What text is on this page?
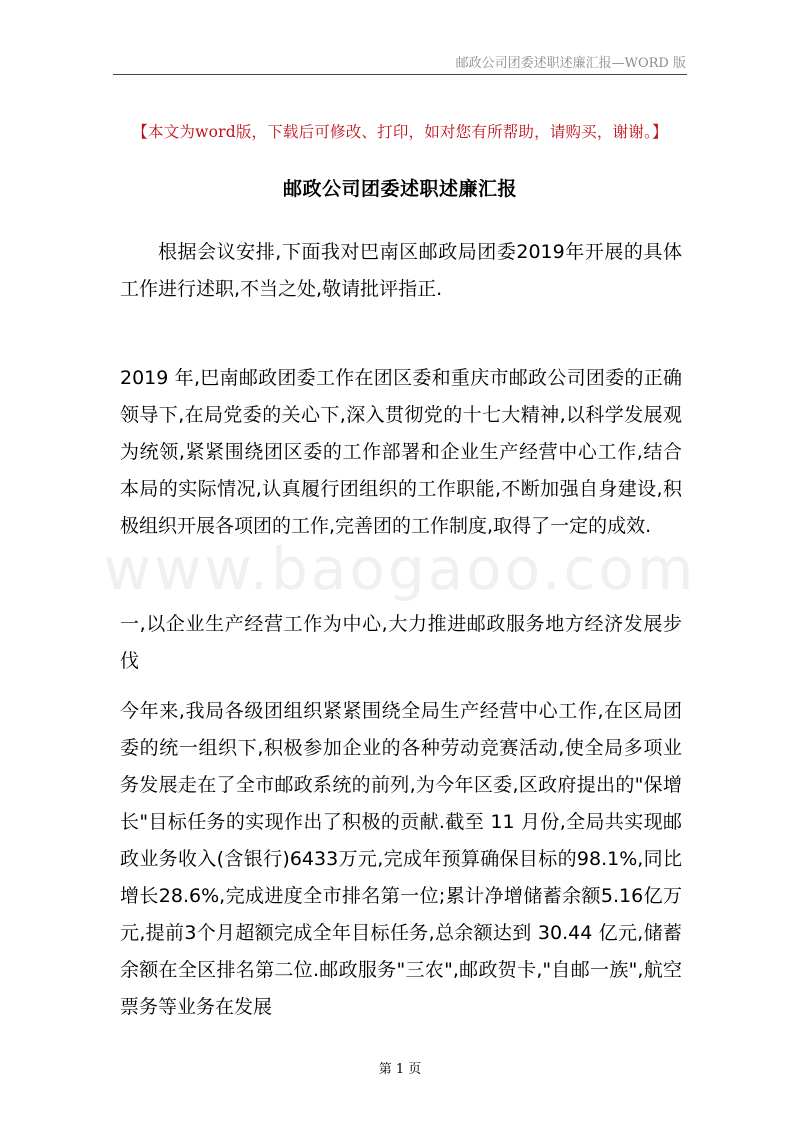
邮政公司团委述职述廉汇报—WORD 版
【本文为word版，下载后可修改、打印，如对您有所帮助，请购买，谢谢。】
邮政公司团委述职述廉汇报

根据会议安排,下面我对巴南区邮政局团委2019年开展的具体工作进行述职,不当之处,敬请批评指正.

2019 年,巴南邮政团委工作在团区委和重庆市邮政公司团委的正确领导下,在局党委的关心下,深入贯彻党的十七大精神,以科学发展观为统领,紧紧围绕团区委的工作部署和企业生产经营中心工作,结合本局的实际情况,认真履行团组织的工作职能,不断加强自身建设,积极组织开展各项团的工作,完善团的工作制度,取得了一定的成效.

一,以企业生产经营工作为中心,大力推进邮政服务地方经济发展步伐

今年来,我局各级团组织紧紧围绕全局生产经营中心工作,在区局团委的统一组织下,积极参加企业的各种劳动竞赛活动,使全局多项业务发展走在了全市邮政系统的前列,为今年区委,区政府提出的"保增长"目标任务的实现作出了积极的贡献.截至 11 月份,全局共实现邮政业务收入(含银行)6433万元,完成年预算确保目标的98.1%,同比增长28.6%,完成进度全市排名第一位;累计净增储蓄余额5.16亿万元,提前3个月超额完成全年目标任务,总余额达到 30.44 亿元,储蓄余额在全区排名第二位.邮政服务"三农",邮政贺卡,"自邮一族",航空票务等业务在发展

www.baogaoo.com
第 1 页
